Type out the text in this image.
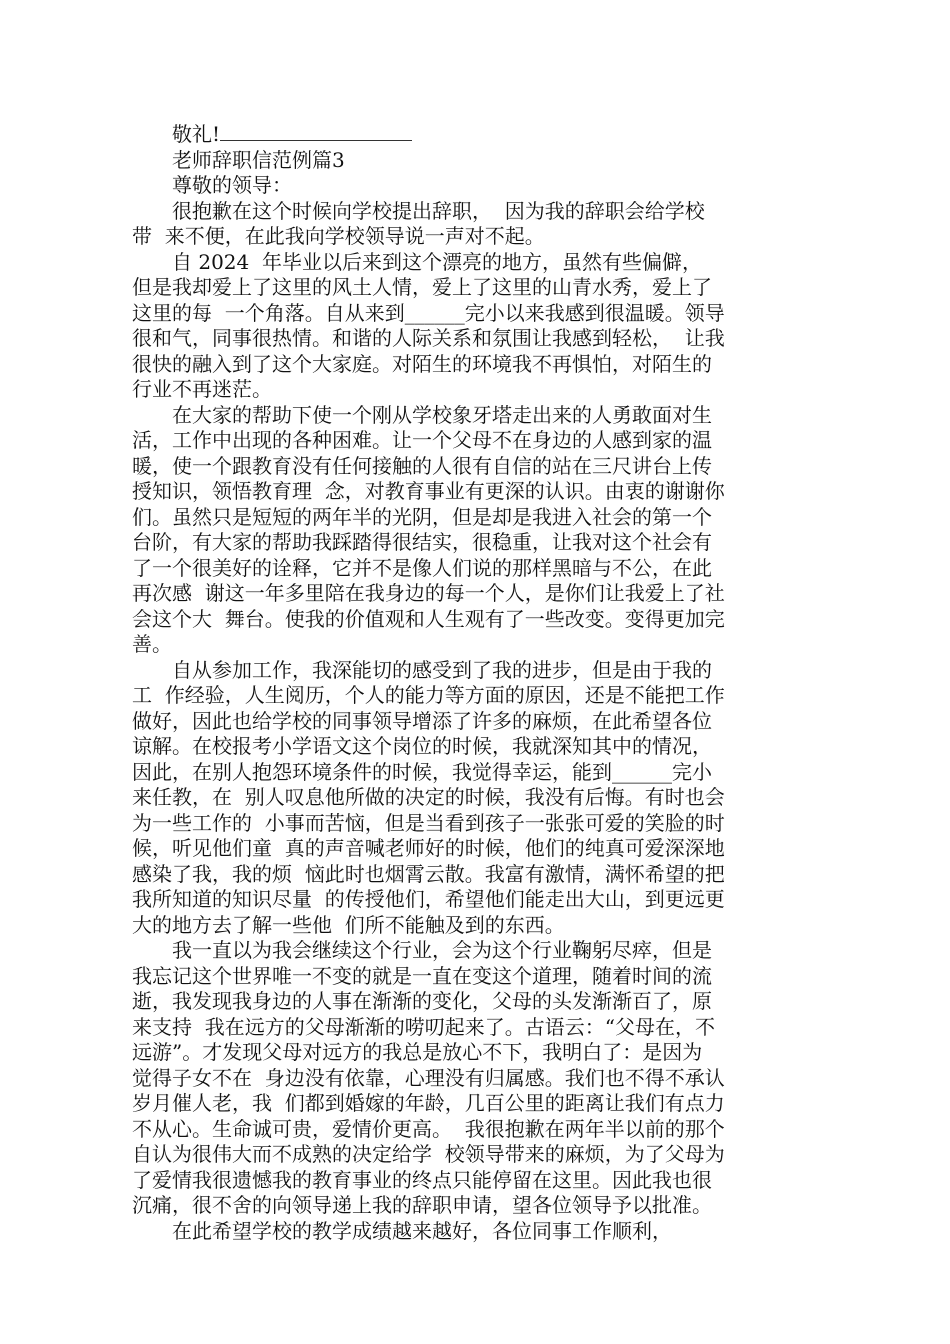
敬礼!
老师辞职信范例篇3
尊敬的领导：
很抱歉在这个时候向学校提出辞职，  因为我的辞职会给学校
带  来不便，在此我向学校领导说一声对不起。
自 2024  年毕业以后来到这个漂亮的地方，虽然有些偏僻，
但是我却爱上了这里的风土人情，爱上了这里的山青水秀，爱上了
这里的每  一个角落。自从来到______完小以来我感到很温暖。领导
很和气，同事很热情。和谐的人际关系和氛围让我感到轻松，  让我
很快的融入到了这个大家庭。对陌生的环境我不再惧怕，对陌生的
行业不再迷茫。
在大家的帮助下使一个刚从学校象牙塔走出来的人勇敢面对生
活，工作中出现的各种困难。让一个父母不在身边的人感到家的温
暖，使一个跟教育没有任何接触的人很有自信的站在三尺讲台上传
授知识，领悟教育理  念，对教育事业有更深的认识。由衷的谢谢你
们。虽然只是短短的两年半的光阴，但是却是我进入社会的第一个
台阶，有大家的帮助我踩踏得很结实，很稳重，让我对这个社会有
了一个很美好的诠释，它并不是像人们说的那样黑暗与不公，在此
再次感  谢这一年多里陪在我身边的每一个人，是你们让我爱上了社
会这个大  舞台。使我的价值观和人生观有了一些改变。变得更加完
善。
自从参加工作，我深能切的感受到了我的进步，但是由于我的
工  作经验，人生阅历，个人的能力等方面的原因，还是不能把工作
做好，因此也给学校的同事领导增添了许多的麻烦，在此希望各位
谅解。在校报考小学语文这个岗位的时候，我就深知其中的情况，
因此，在别人抱怨环境条件的时候，我觉得幸运，能到______完小
来任教，在  别人叹息他所做的决定的时候，我没有后悔。有时也会
为一些工作的  小事而苦恼，但是当看到孩子一张张可爱的笑脸的时
候，听见他们童  真的声音喊老师好的时候，他们的纯真可爱深深地
感染了我，我的烦  恼此时也烟霄云散。我富有激情，满怀希望的把
我所知道的知识尽量  的传授他们，希望他们能走出大山，到更远更
大的地方去了解一些他  们所不能触及到的东西。
我一直以为我会继续这个行业，会为这个行业鞠躬尽瘁，但是
我忘记这个世界唯一不变的就是一直在变这个道理，随着时间的流
逝，我发现我身边的人事在渐渐的变化，父母的头发渐渐百了，原
来支持  我在远方的父母渐渐的唠叨起来了。古语云：“父母在，不
远游”。才发现父母对远方的我总是放心不下，我明白了：是因为
觉得子女不在  身边没有依靠，心理没有归属感。我们也不得不承认
岁月催人老，我  们都到婚嫁的年龄，几百公里的距离让我们有点力
不从心。生命诚可贵，爱情价更高。  我很抱歉在两年半以前的那个
自认为很伟大而不成熟的决定给学  校领导带来的麻烦，为了父母为
了爱情我很遗憾我的教育事业的终点只能停留在这里。因此我也很
沉痛，很不舍的向领导递上我的辞职申请，望各位领导予以批准。
在此希望学校的教学成绩越来越好，各位同事工作顺利，
